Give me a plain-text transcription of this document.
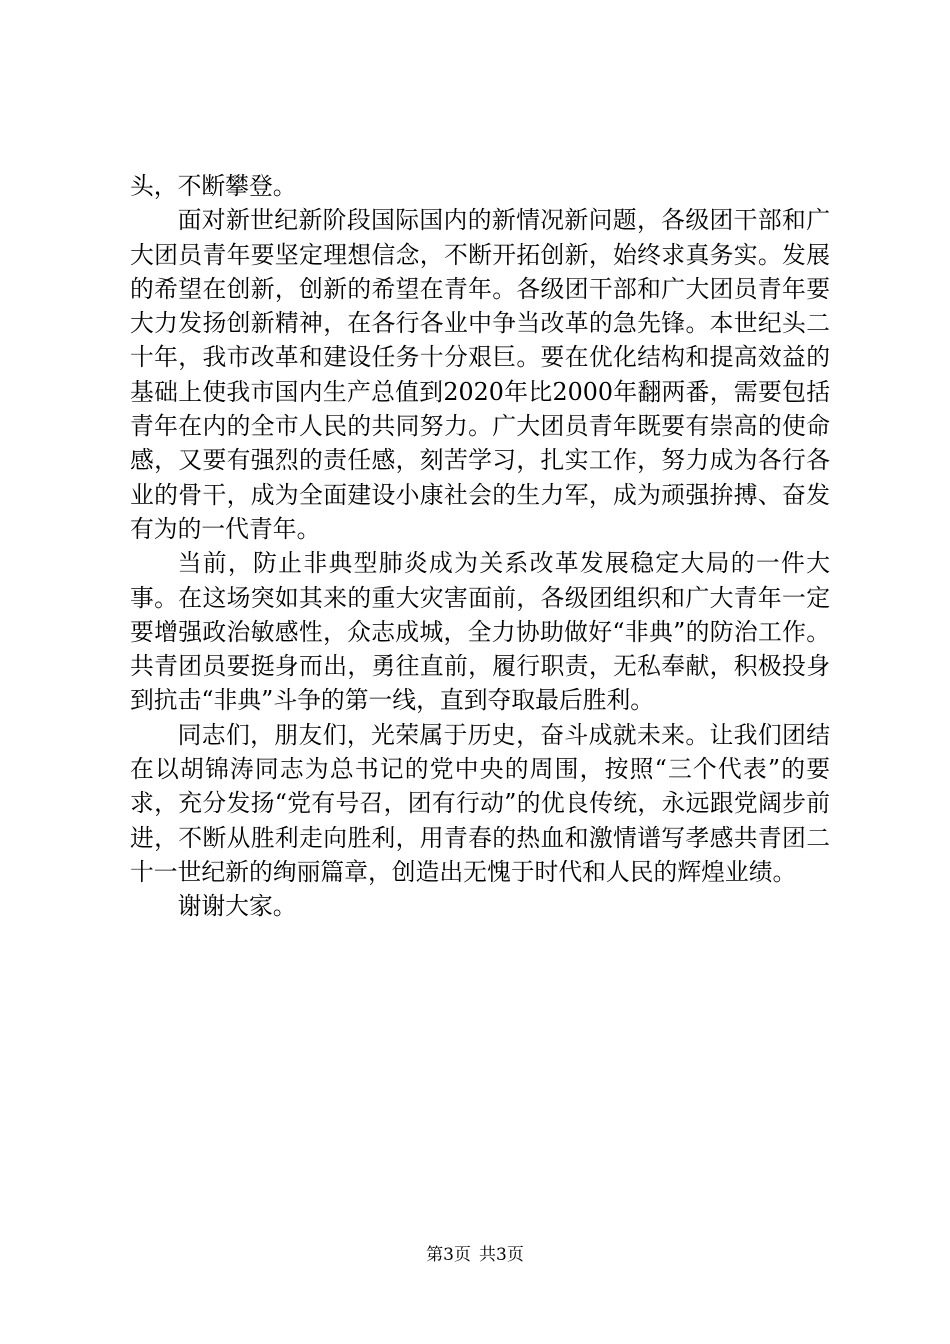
头，不断攀登。

面对新世纪新阶段国际国内的新情况新问题，各级团干部和广大团员青年要坚定理想信念，不断开拓创新，始终求真务实。发展的希望在创新，创新的希望在青年。各级团干部和广大团员青年要大力发扬创新精神，在各行各业中争当改革的急先锋。本世纪头二十年，我市改革和建设任务十分艰巨。要在优化结构和提高效益的基础上使我市国内生产总值到2020年比2000年翻两番，需要包括青年在内的全市人民的共同努力。广大团员青年既要有崇高的使命感，又要有强烈的责任感，刻苦学习，扎实工作，努力成为各行各业的骨干，成为全面建设小康社会的生力军，成为顽强拚搏、奋发有为的一代青年。

当前，防止非典型肺炎成为关系改革发展稳定大局的一件大事。在这场突如其来的重大灾害面前，各级团组织和广大青年一定要增强政治敏感性，众志成城，全力协助做好“非典”的防治工作。共青团员要挺身而出，勇往直前，履行职责，无私奉献，积极投身到抗击“非典”斗争的第一线，直到夺取最后胜利。

同志们，朋友们，光荣属于历史，奋斗成就未来。让我们团结在以胡锦涛同志为总书记的党中央的周围，按照“三个代表”的要求，充分发扬“党有号召，团有行动”的优良传统，永远跟党阔步前进，不断从胜利走向胜利，用青春的热血和激情谱写孝感共青团二十一世纪新的绚丽篇章，创造出无愧于时代和人民的辉煌业绩。

谢谢大家。

第3页 共3页
